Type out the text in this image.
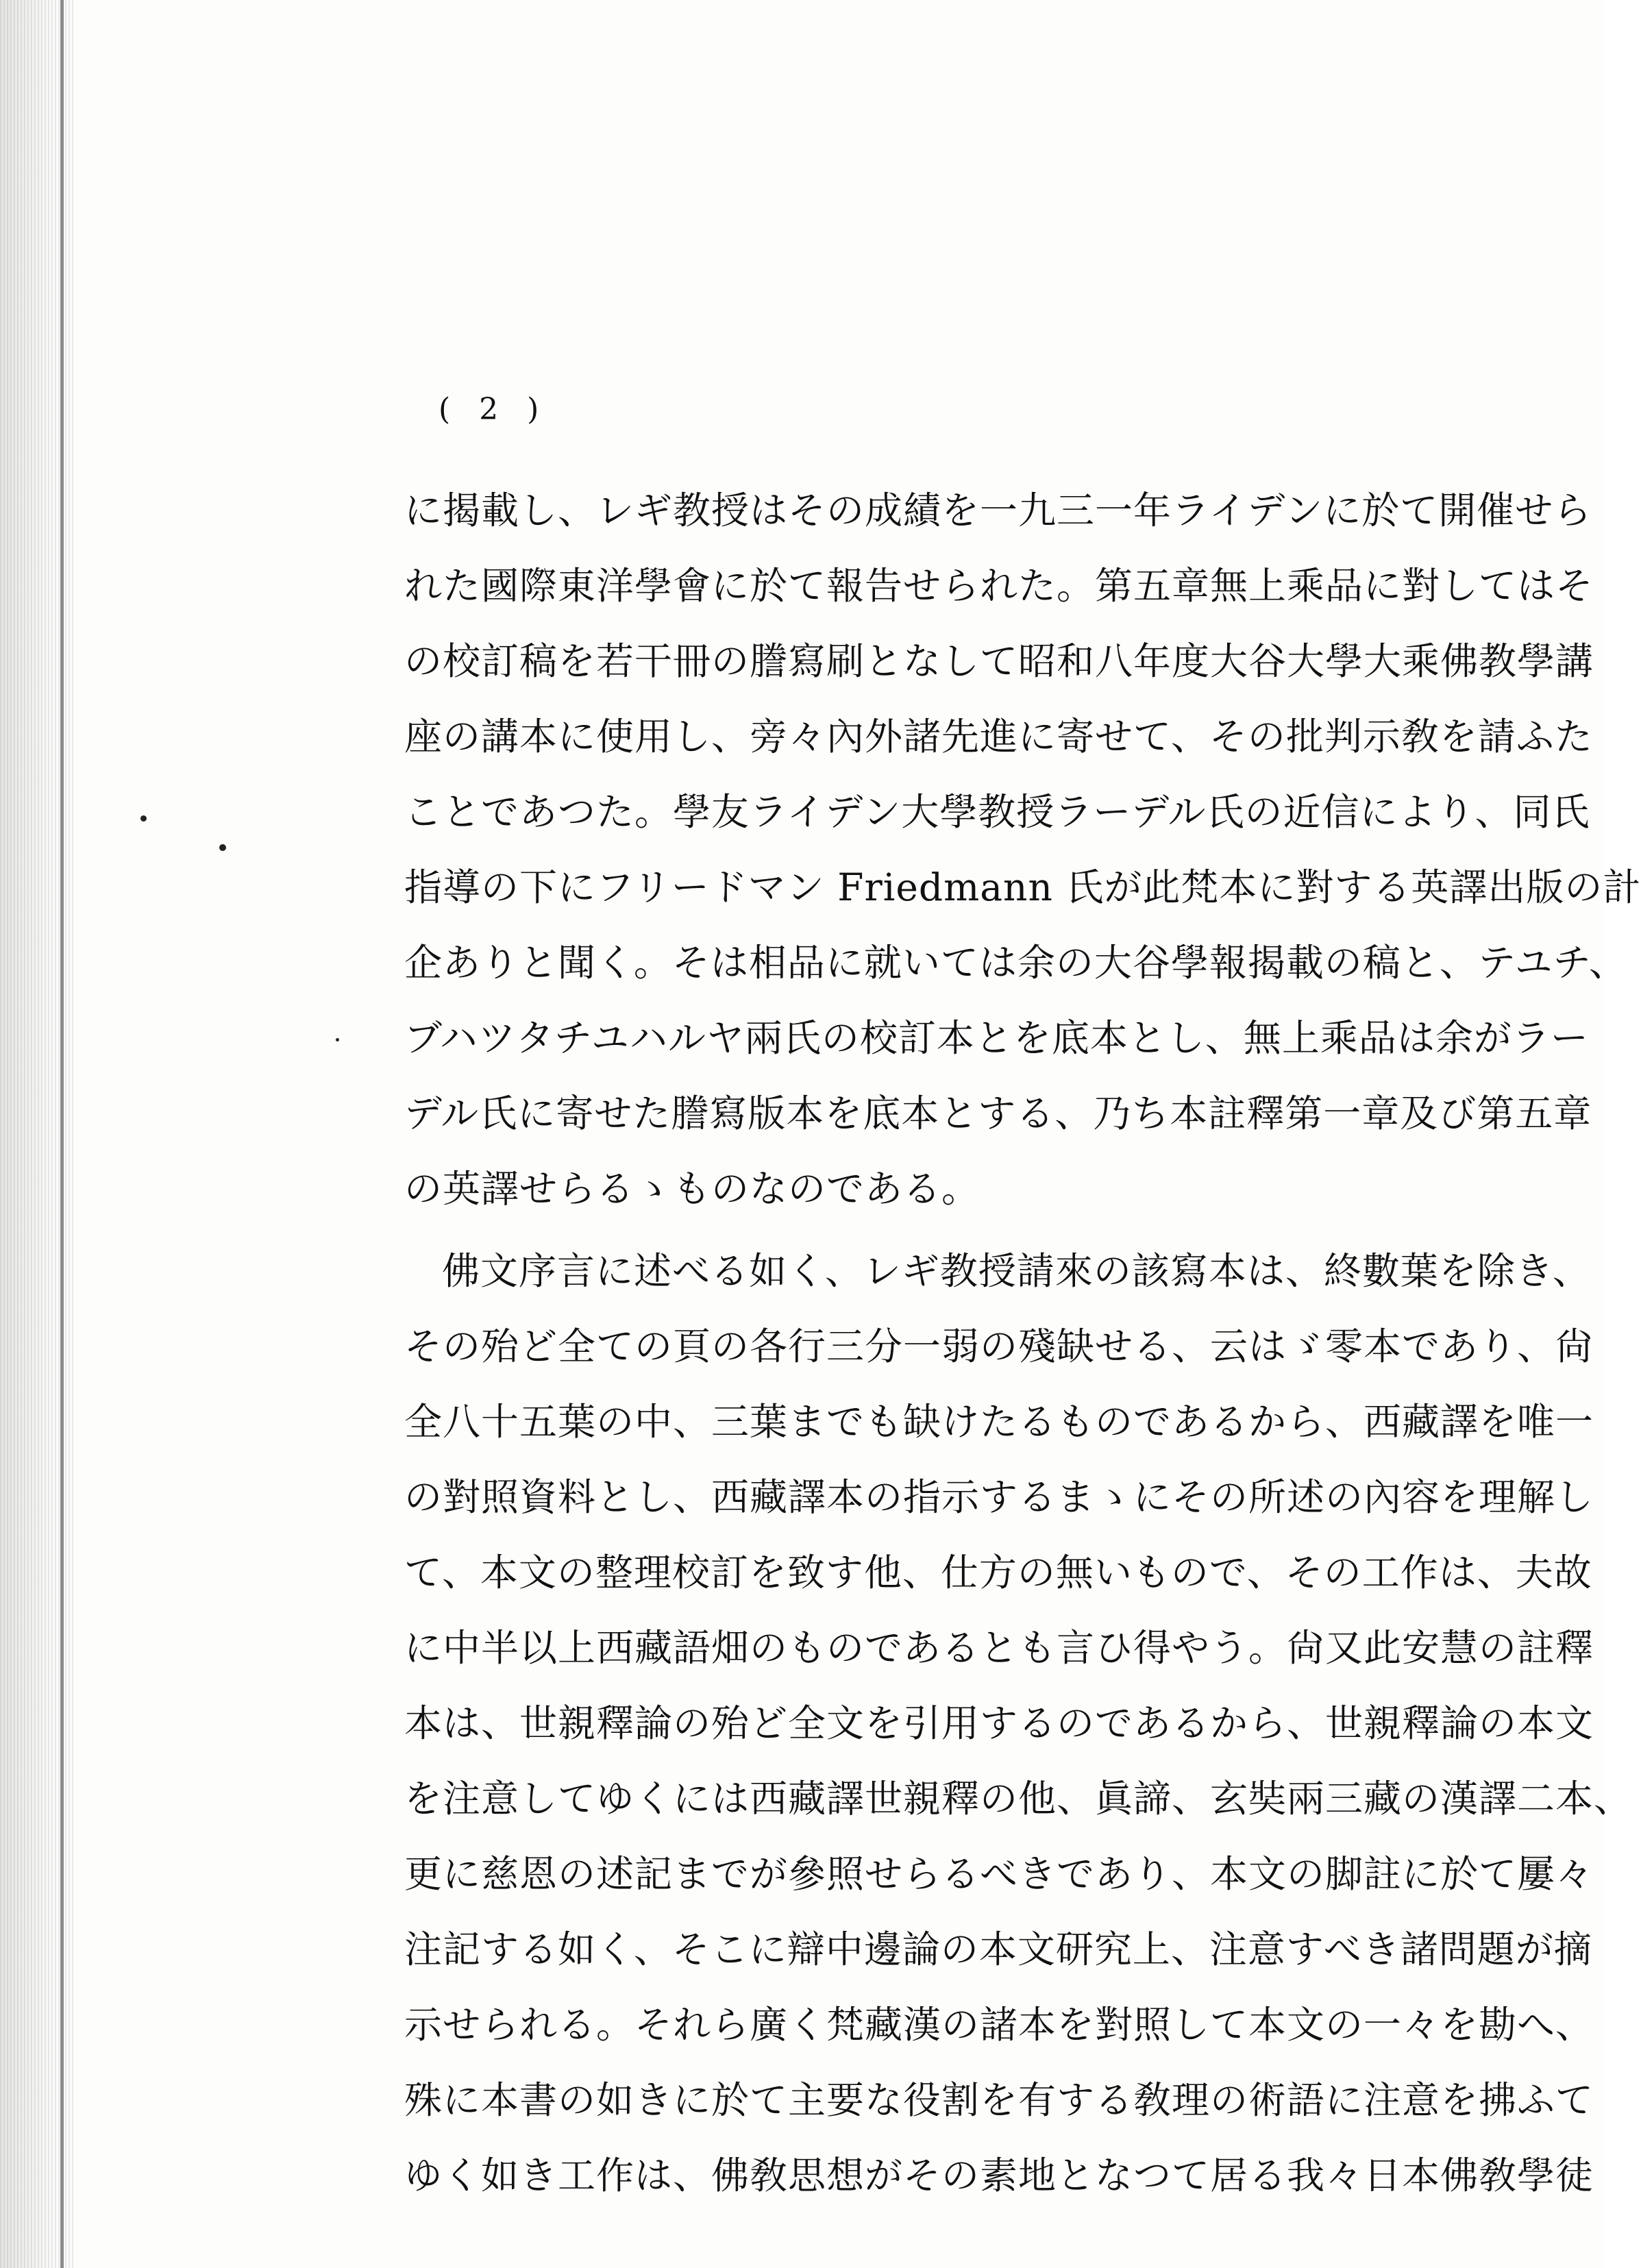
( 2 )
に揭載し、レギ教授はその成績を一九三一年ライデンに於て開催せら
れた國際東洋學會に於て報告せられた。第五章無上乘品に對してはそ
の校訂稿を若干冊の謄寫刷となして昭和八年度大谷大學大乘佛教學講
座の講本に使用し、旁々內外諸先進に寄せて、その批判示敎を請ふた
ことであつた。學友ライデン大學教授ラーデル氏の近信により、同氏
指導の下にフリードマン Friedmann 氏が此梵本に對する英譯出版の計
企ありと聞く。そは相品に就いては余の大谷學報揭載の稿と、テユチ、
ブハツタチユハルヤ兩氏の校訂本とを底本とし、無上乘品は余がラー
デル氏に寄せた謄寫版本を底本とする、乃ち本註釋第一章及び第五章
の英譯せらるゝものなのである。
佛文序言に述べる如く、レギ教授請來の該寫本は、終數葉を除き、
その殆ど全ての頁の各行三分一弱の殘缺せる、云はゞ零本であり、尙
全八十五葉の中、三葉までも缺けたるものであるから、西藏譯を唯一
の對照資料とし、西藏譯本の指示するまゝにその所述の內容を理解し
て、本文の整理校訂を致す他、仕方の無いもので、その工作は、夫故
に中半以上西藏語畑のものであるとも言ひ得やう。尙又此安慧の註釋
本は、世親釋論の殆ど全文を引用するのであるから、世親釋論の本文
を注意してゆくには西藏譯世親釋の他、眞諦、玄奘兩三藏の漢譯二本、
更に慈恩の述記までが參照せらるべきであり、本文の脚註に於て屢々
注記する如く、そこに辯中邊論の本文研究上、注意すべき諸問題が摘
示せられる。それら廣く梵藏漢の諸本を對照して本文の一々を勘へ、
殊に本書の如きに於て主要な役割を有する敎理の術語に注意を拂ふて
ゆく如き工作は、佛敎思想がその素地となつて居る我々日本佛敎學徒
